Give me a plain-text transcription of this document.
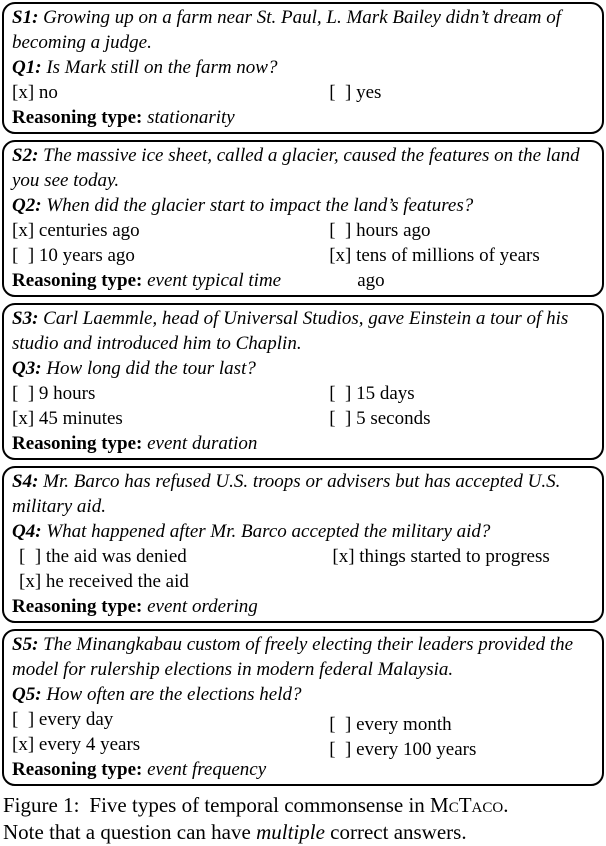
S1: Growing up on a farm near St. Paul, L. Mark Bailey didn’t dream of becoming a judge.

Q1: Is Mark still on the farm now?

[x] no	[ ] yes

Reasoning type: stationarity

S2: The massive ice sheet, called a glacier, caused the features on the land you see today.

Q2: When did the glacier start to impact the land’s features?

[x] centuries ago
[ ] 10 years ago

Reasoning type: event typical time

[ ] hours ago
[x] tens of millions of years ago

S3: Carl Laemmle, head of Universal Studios, gave Einstein a tour of his studio and introduced him to Chaplin.

Q3: How long did the tour last?

[ ] 9 hours
[x] 45 minutes
[ ] 15 days
[ ] 5 seconds

Reasoning type: event duration

S4: Mr. Barco has refused U.S. troops or advisers but has accepted U.S. military aid.

Q4: What happened after Mr. Barco accepted the military aid?

[ ] the aid was denied
[x] he received the aid
[x] things started to progress

Reasoning type: event ordering

S5: The Minangkabau custom of freely electing their leaders provided the model for rulership elections in modern federal Malaysia.

Q5: How often are the elections held?

[ ] every day
[x] every 4 years
[ ] every month
[ ] every 100 years

Reasoning type: event frequency

Figure 1: Five types of temporal commonsense in McTaco.
Note that a question can have multiple correct answers.
